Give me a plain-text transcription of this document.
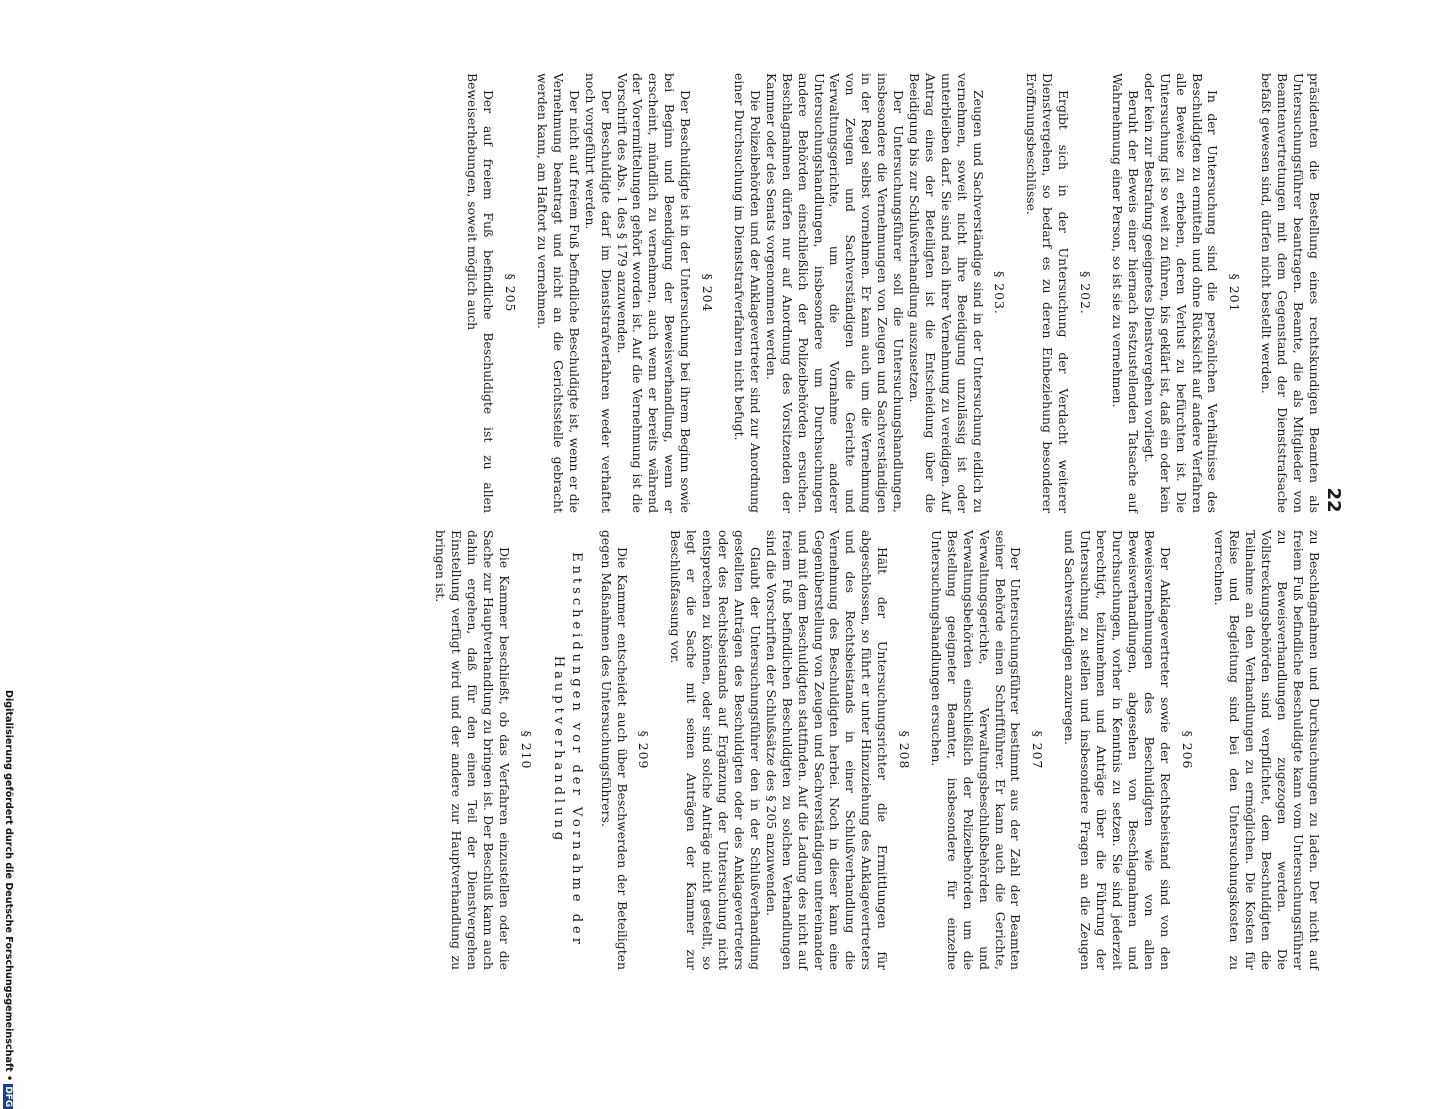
22

präsidenten die Bestellung eines rechtskundigen Beamten als Untersuchungsführer beantragen. Beamte, die als Mitglieder von Beamtenvertretungen mit dem Gegenstand der Dienststrafsache befaßt gewesen sind, dürfen nicht bestellt werden.

§ 201

In der Untersuchung sind die persönlichen Verhältnisse des Beschuldigten zu ermitteln und ohne Rücksicht auf andere Verfahren alle Beweise zu erheben, deren Verlust zu befürchten ist. Die Untersuchung ist so weit zu führen, bis geklärt ist, daß ein oder kein oder kein zur Bestrafung geeignetes Dienstvergehen vorliegt.

Beruht der Beweis einer hiernach festzustellenden Tatsache auf Wahrnehmung einer Person, so ist sie zu vernehmen.

§ 202.

Ergibt sich in der Untersuchung der Verdacht weiterer Dienstvergehen, so bedarf es zu deren Einbeziehung besonderer Eröffnungsbeschlüsse.

§ 203.

Zeugen und Sachverständige sind in der Untersuchung eidlich zu vernehmen, soweit nicht ihre Beeidigung unzulässig ist oder unterbleiben darf. Sie sind nach ihrer Vernehmung zu vereidigen. Auf Antrag eines der Beteiligten ist die Entscheidung über die Beeidigung bis zur Schlußverhandlung auszusetzen.

Der Untersuchungsführer soll die Untersuchungshandlungen, insbesondere die Vernehmungen von Zeugen und Sachverständigen in der Regel selbst vornehmen. Er kann auch um die Vernehmung von Zeugen und Sachverständigen die Gerichte und Verwaltungsgerichte, um die Vornahme anderer Untersuchungshandlungen, insbesondere um Durchsuchungen andere Behörden einschließlich der Polizeibehörden ersuchen. Beschlagnahmen dürfen nur auf Anordnung des Vorsitzenden der Kammer oder des Senats vorgenommen werden.

Die Polizeibehörden und der Anklagevertreter sind zur Anordnung einer Durchsuchung im Dienststrafverfahren nicht befugt.

§ 204

Der Beschuldigte ist in der Untersuchung bei ihrem Beginn sowie bei Beginn und Beendigung der Beweisverhandlung, wenn er erscheint, mündlich zu vernehmen, auch wenn er bereits während der Vorermittelungen gehört worden ist. Auf die Vernehmung ist die Vorschrift des Abs. 1 des § 179 anzuwenden.

Der Beschuldigte darf im Dienststrafverfahren weder verhaftet noch vorgeführt werden.

Der nicht auf freiem Fuß befindliche Beschuldigte ist, wenn er die Vernehmung beantragt und nicht an die Gerichtsstelle gebracht werden kann, am Haftort zu vernehmen.

§ 205

Der auf freiem Fuß befindliche Beschuldigte ist zu allen Beweiserhebungen, soweit möglich auch

zu Beschlagnahmen und Durchsuchungen zu laden. Der nicht auf freiem Fuß befindliche Beschuldigte kann vom Untersuchungsführer zu Beweisverhandlungen zugezogen werden. Die Vollstreckungsbehörden sind verpflichtet, dem Beschuldigten die Teilnahme an den Verhandlungen zu ermöglichen. Die Kosten für Reise und Begleitung sind bei den Untersuchungskosten zu verrechnen.

§ 206

Der Anklagevertreter sowie der Rechtsbeistand sind von den Beweisvernehmungen des Beschuldigten wie von allen Beweisverhandlungen, abgesehen von Beschlagnahmen und Durchsuchungen, vorher in Kenntnis zu setzen. Sie sind jederzeit berechtigt, teilzunehmen und Anträge über die Führung der Untersuchung zu stellen und insbesondere Fragen an die Zeugen und Sachverständigen anzuregen.

§ 207

Der Untersuchungsführer bestimmt aus der Zahl der Beamten seiner Behörde einen Schriftführer. Er kann auch die Gerichte, Verwaltungsgerichte, Verwaltungsbeschlußbehörden und Verwaltungsbehörden einschließlich der Polizeibehörden um die Bestellung geeigneter Beamter, insbesondere für einzelne Untersuchungshandlungen ersuchen.

§ 208

Hält der Untersuchungsrichter die Ermittlungen für abgeschlossen, so führt er unter Hinzuziehung des Anklagevertreters und des Rechtsbeistands in einer Schlußverhandlung die Vernehmung des Beschuldigten herbei. Noch in dieser kann eine Gegenüberstellung von Zeugen und Sachverständigen untereinander und mit dem Beschuldigten stattfinden. Auf die Ladung des nicht auf freiem Fuß befindlichen Beschuldigten zu solchen Verhandlungen sind die Vorschriften der Schlußsätze des § 205 anzuwenden.

Glaubt der Untersuchungsführer den in der Schlußverhandlung gestellten Anträgen des Beschuldigten oder des Anklagevertreters oder des Rechtsbeistands auf Ergänzung der Untersuchung nicht entsprechen zu können, oder sind solche Anträge nicht gestellt, so legt er die Sache mit seinen Anträgen der Kammer zur Beschlußfassung vor.

§ 209

Die Kammer entscheidet auch über Beschwerden der Beteiligten gegen Maßnahmen des Untersuchungsführers.

Entscheidungen vor der Vornahme der
Hauptverhandlung
§ 210

Die Kammer beschließt, ob das Verfahren einzustellen oder die Sache zur Hauptverhandlung zu bringen ist. Der Beschluß kann auch dahin ergehen, daß für den einen Teil der Dienstvergehen Einstellung verfügt wird und der andere zur Hauptverhandlung zu bringen ist.

Digitalisierung gefördert durch die Deutsche Forschungsgemeinschaft •DFG
